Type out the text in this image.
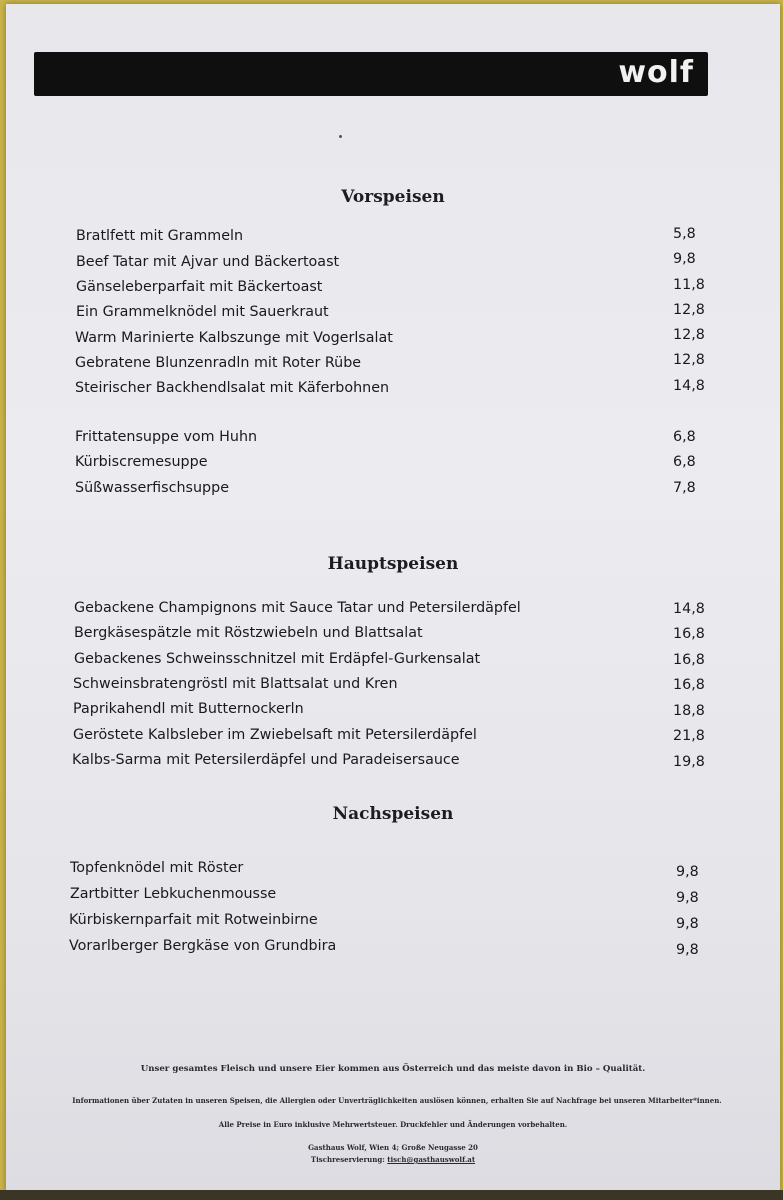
wolf
Vorspeisen
Bratlfett mit Grammeln	5,8
Beef Tatar mit Ajvar und Bäckertoast	9,8
Gänseleberparfait mit Bäckertoast	11,8
Ein Grammelknödel mit Sauerkraut	12,8
Warm Marinierte Kalbszunge mit Vogerlsalat	12,8
Gebratene Blunzenradln mit Roter Rübe	12,8
Steirischer Backhendlsalat mit Käferbohnen	14,8
Frittatensuppe vom Huhn	6,8
Kürbiscremesuppe	6,8
Süßwasserfischsuppe	7,8
Hauptspeisen
Gebackene Champignons mit Sauce Tatar und Petersilerdäpfel	14,8
Bergkäsespätzle mit Röstzwiebeln und Blattsalat	16,8
Gebackenes Schweinsschnitzel mit Erdäpfel-Gurkensalat	16,8
Schweinsbratengröstl mit Blattsalat und Kren	16,8
Paprikahendl mit Butternockerln	18,8
Geröstete Kalbsleber im Zwiebelsaft mit Petersilerdäpfel	21,8
Kalbs-Sarma mit Petersilerdäpfel und Paradeisersauce	19,8
Nachspeisen
Topfenknödel mit Röster	9,8
Zartbitter Lebkuchenmousse	9,8
Kürbiskernparfait mit Rotweinbirne	9,8
Vorarlberger Bergkäse von Grundbira	9,8
Unser gesamtes Fleisch und unsere Eier kommen aus Österreich und das meiste davon in Bio – Qualität.
Informationen über Zutaten in unseren Speisen, die Allergien oder Unverträglichkeiten auslösen können, erhalten Sie auf Nachfrage bei unseren Mitarbeiter*innen.
Alle Preise in Euro inklusive Mehrwertsteuer. Druckfehler und Änderungen vorbehalten.
Gasthaus Wolf, Wien 4; Große Neugasse 20
Tischreservierung: tisch@gasthauswolf.at
